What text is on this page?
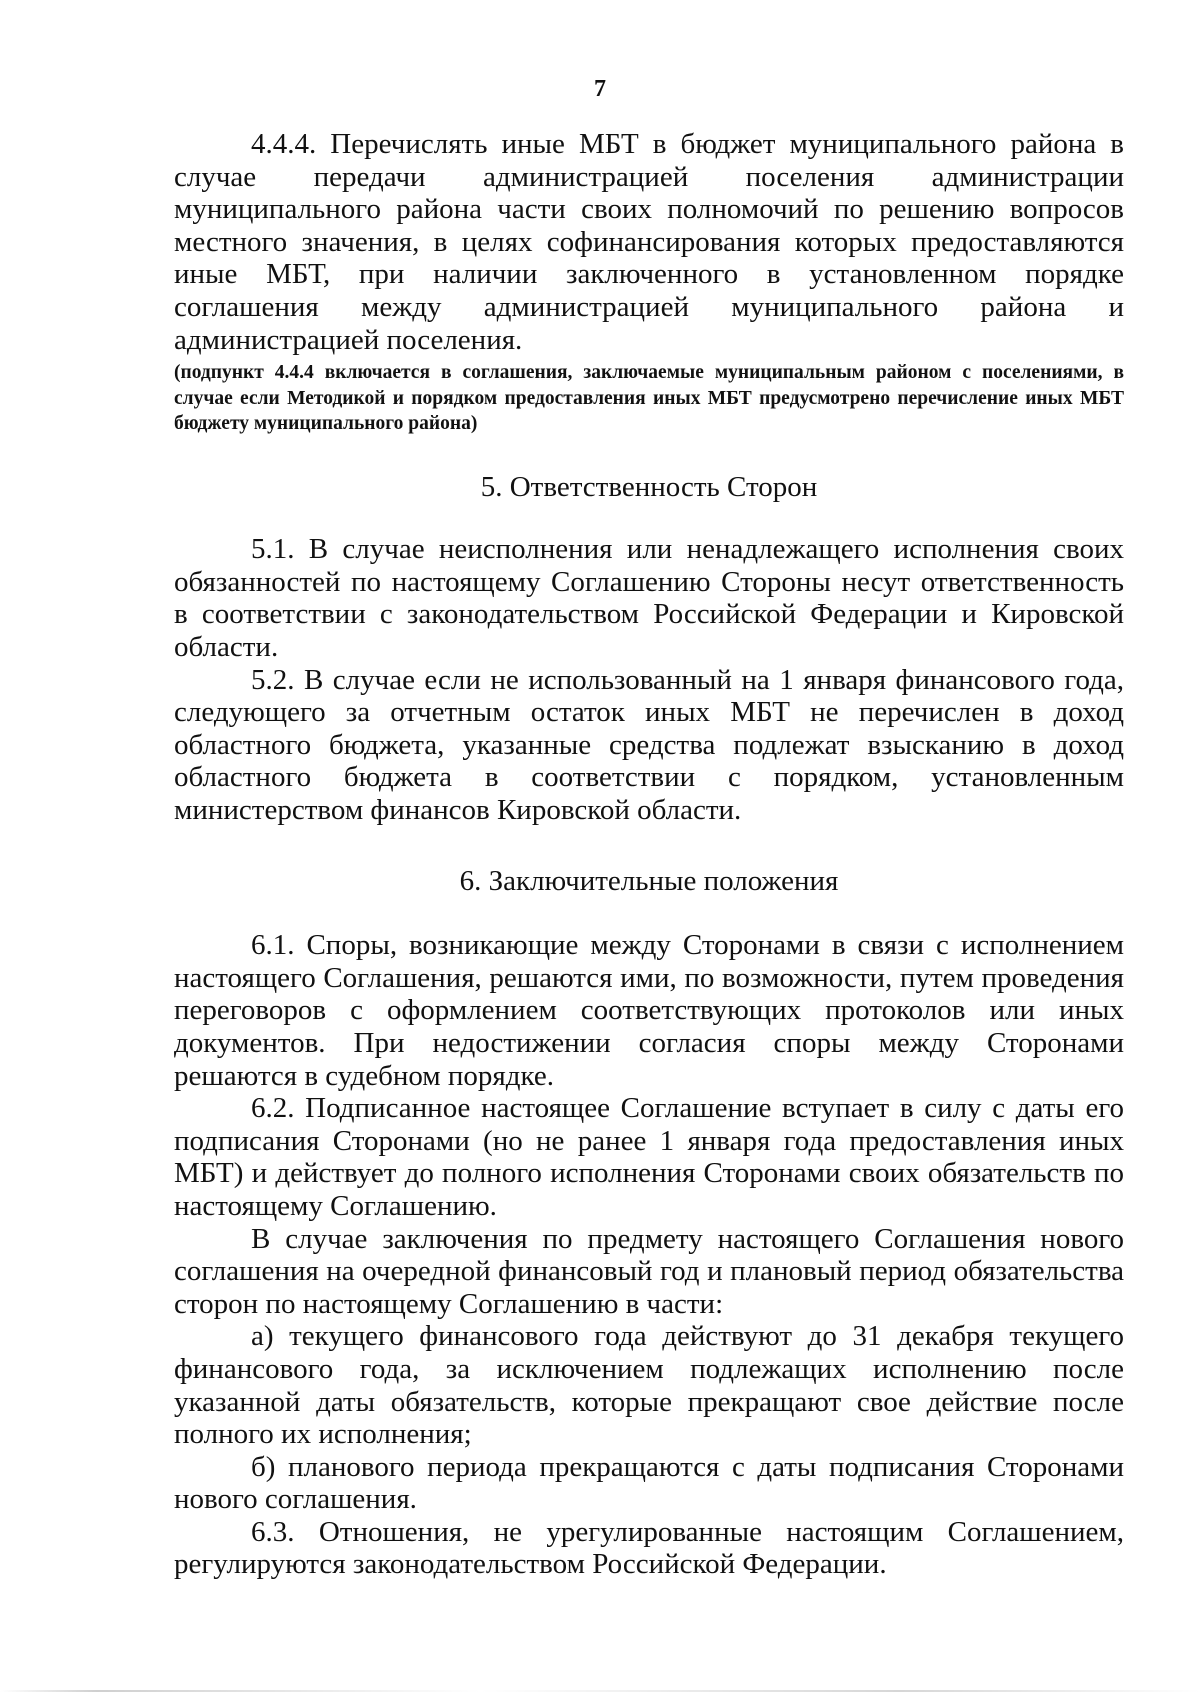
7

4.4.4. Перечислять иные МБТ в бюджет муниципального района в случае передачи администрацией поселения администрации муниципального района части своих полномочий по решению вопросов местного значения, в целях софинансирования которых предоставляются иные МБТ, при наличии заключенного в установленном порядке соглашения между администрацией муниципального района и администрацией поселения.

(подпункт 4.4.4 включается в соглашения, заключаемые муниципальным районом с поселениями, в случае если Методикой и порядком предоставления иных МБТ предусмотрено перечисление иных МБТ бюджету муниципального района)

5. Ответственность Сторон

5.1. В случае неисполнения или ненадлежащего исполнения своих обязанностей по настоящему Соглашению Стороны несут ответственность в соответствии с законодательством Российской Федерации и Кировской области.

5.2. В случае если не использованный на 1 января финансового года, следующего за отчетным остаток иных МБТ не перечислен в доход областного бюджета, указанные средства подлежат взысканию в доход областного бюджета в соответствии с порядком, установленным министерством финансов Кировской области.

6. Заключительные положения

6.1. Споры, возникающие между Сторонами в связи с исполнением настоящего Соглашения, решаются ими, по возможности, путем проведения переговоров с оформлением соответствующих протоколов или иных документов. При недостижении согласия споры между Сторонами решаются в судебном порядке.

6.2. Подписанное настоящее Соглашение вступает в силу с даты его подписания Сторонами (но не ранее 1 января года предоставления иных МБТ) и действует до полного исполнения Сторонами своих обязательств по настоящему Соглашению.

В случае заключения по предмету настоящего Соглашения нового соглашения на очередной финансовый год и плановый период обязательства сторон по настоящему Соглашению в части:

а) текущего финансового года действуют до 31 декабря текущего финансового года, за исключением подлежащих исполнению после указанной даты обязательств, которые прекращают свое действие после полного их исполнения;

б) планового периода прекращаются с даты подписания Сторонами нового соглашения.

6.3. Отношения, не урегулированные настоящим Соглашением, регулируются законодательством Российской Федерации.
